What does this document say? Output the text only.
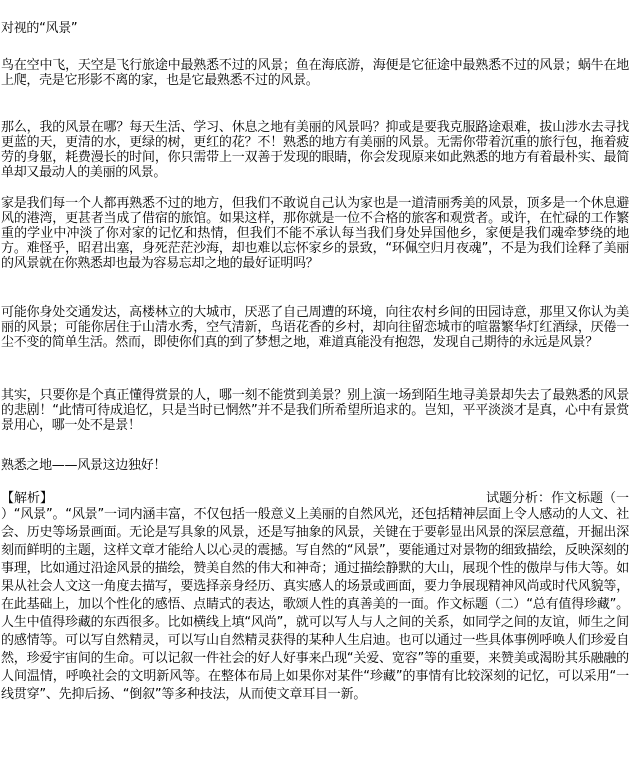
对视的“风景”
鸟在空中飞，天空是飞行旅途中最熟悉不过的风景；鱼在海底游，海便是它征途中最熟悉不过的风景；蜗牛在地上爬，壳是它形影不离的家，也是它最熟悉不过的风景。
那么，我的风景在哪？每天生活、学习、休息之地有美丽的风景吗？抑或是要我克服路途艰难，拔山涉水去寻找更蓝的天，更清的水，更绿的树，更红的花？不！熟悉的地方有美丽的风景。无需你带着沉重的旅行包，拖着疲劳的身躯，耗费漫长的时间，你只需带上一双善于发现的眼睛，你会发现原来如此熟悉的地方有着最朴实、最简单却又最动人的美丽的风景。
家是我们每一个人都再熟悉不过的地方，但我们不敢说自己认为家也是一道清丽秀美的风景，顶多是一个休息避风的港湾，更甚者当成了借宿的旅馆。如果这样，那你就是一位不合格的旅客和观赏者。或许，在忙碌的工作繁重的学业中冲淡了你对家的记忆和热情，但我们不能不承认每当我们身处异国他乡，家便是我们魂牵梦绕的地方。难怪乎，昭君出塞，身死茫茫沙海，却也难以忘怀家乡的景致，“环佩空归月夜魂”，不是为我们诠释了美丽的风景就在你熟悉却也最为容易忘却之地的最好证明吗？
可能你身处交通发达，高楼林立的大城市，厌恶了自己周遭的环境，向往农村乡间的田园诗意，那里又你认为美丽的风景；可能你居住于山清水秀，空气清新，鸟语花香的乡村，却向往留恋城市的喧嚣繁华灯红酒绿，厌倦一尘不变的简单生活。然而，即使你们真的到了梦想之地，难道真能没有抱怨，发现自己期待的永远是风景？
其实，只要你是个真正懂得赏景的人，哪一刻不能赏到美景？别上演一场到陌生地寻美景却失去了最熟悉的风景的悲剧！“此情可待成追忆，只是当时已惘然”并不是我们所希望所追求的。岂知，平平淡淡才是真，心中有景赏景用心，哪一处不是景！
熟悉之地——风景这边独好！
【解析】	试题分析：作文标题（一
）“风景”。“风景”一词内涵丰富，不仅包括一般意义上美丽的自然风光，还包括精神层面上令人感动的人文、社会、历史等场景画面。无论是写具象的风景，还是写抽象的风景，关键在于要彰显出风景的深层意蕴，开掘出深刻而鲜明的主题，这样文章才能给人以心灵的震撼。写自然的“风景”，要能通过对景物的细致描绘，反映深刻的事理，比如通过沿途风景的描绘，赞美自然的伟大和神奇；通过描绘静默的大山，展现个性的傲岸与伟大等。如果从社会人文这一角度去描写，要选择亲身经历、真实感人的场景或画面，要力争展现精神风尚或时代风貌等，在此基础上，加以个性化的感悟、点睛式的表达，歌颂人性的真善美的一面。作文标题（二）“总有值得珍藏”。人生中值得珍藏的东西很多。比如横线上填“风尚”，就可以写人与人之间的关系，如同学之间的友谊，师生之间的感情等。可以写自然精灵，可以写山自然精灵获得的某种人生启迪。也可以通过一些具体事例呼唤人们珍爱自然，珍爱宇宙间的生命。可以记叙一件社会的好人好事来凸现“关爱、宽容”等的重要，来赞美或渴盼其乐融融的人间温情，呼唤社会的文明新风等。在整体布局上如果你对某件“珍藏”的事情有比较深刻的记忆，可以采用“一线贯穿”、先抑后扬、“倒叙”等多种技法，从而使文章耳目一新。
